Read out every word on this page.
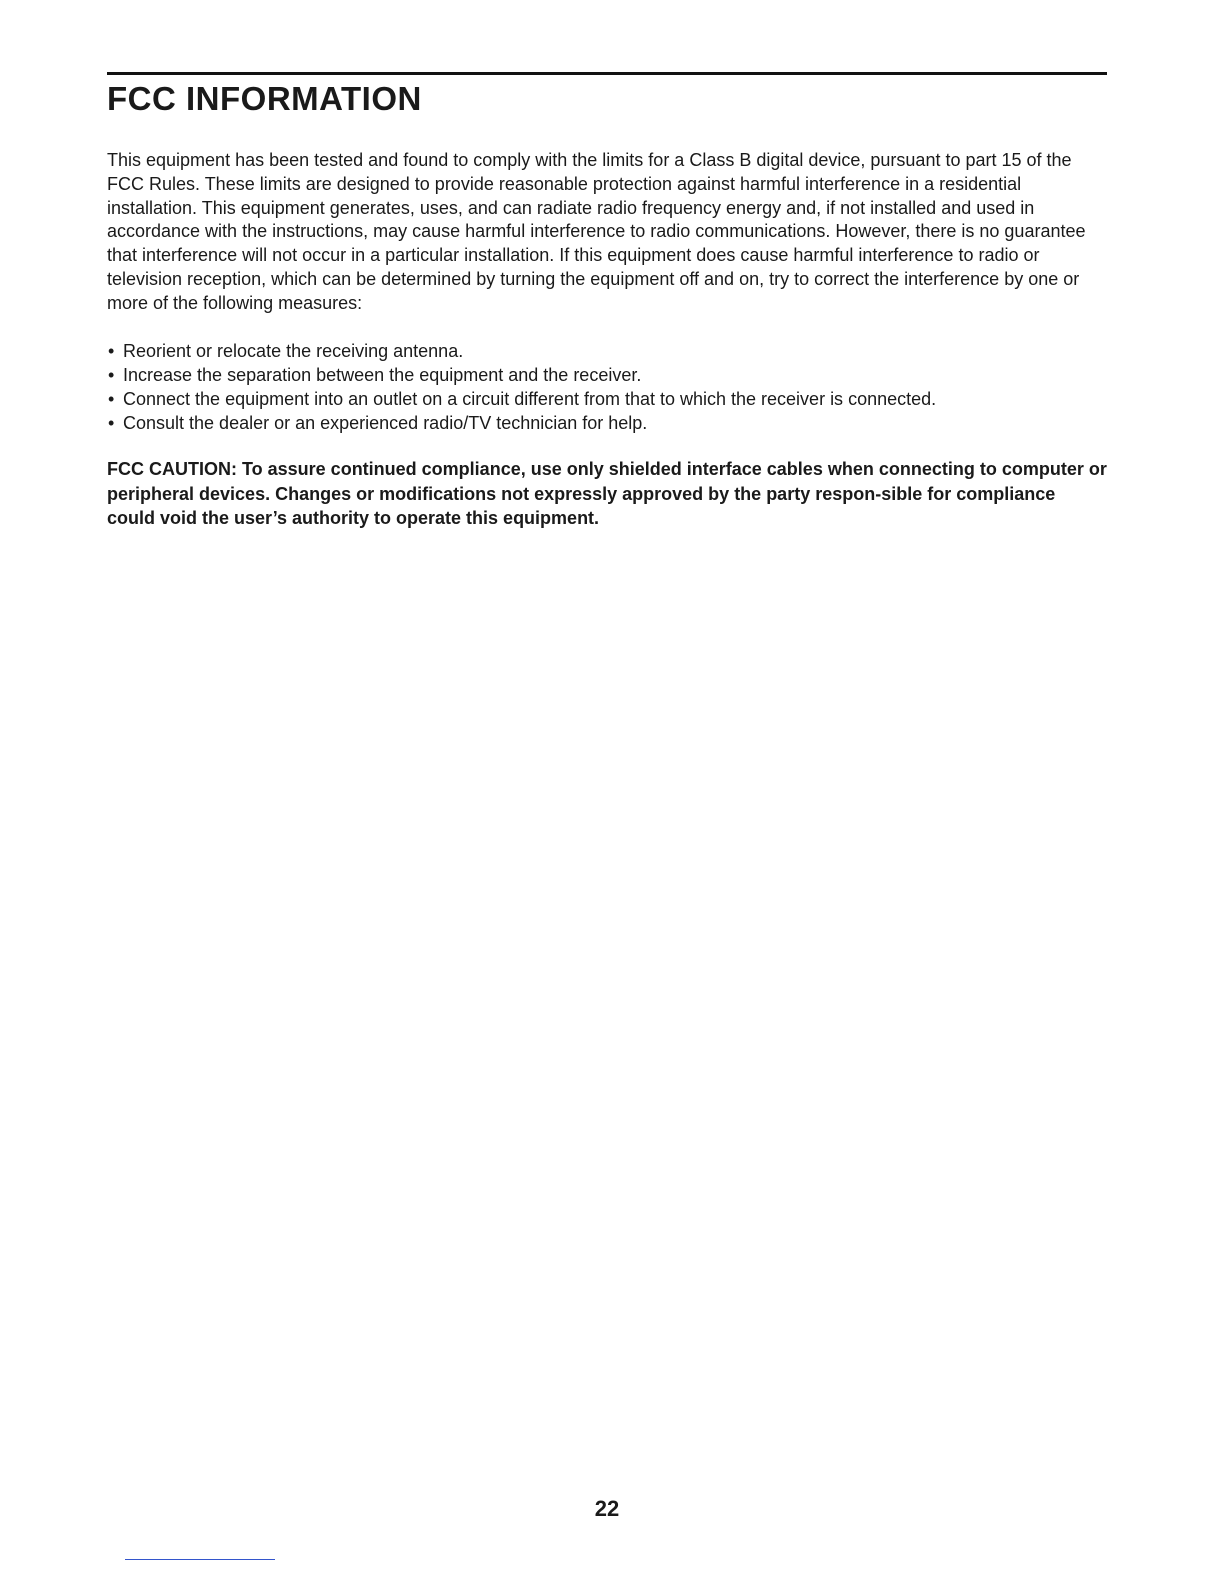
FCC INFORMATION

This equipment has been tested and found to comply with the limits for a Class B digital device, pursuant to part 15 of the FCC Rules. These limits are designed to provide reasonable protection against harmful interference in a residential installation. This equipment generates, uses, and can radiate radio frequency energy and, if not installed and used in accordance with the instructions, may cause harmful interference to radio communications. However, there is no guarantee that interference will not occur in a particular installation. If this equipment does cause harmful interference to radio or television reception, which can be determined by turning the equipment off and on, try to correct the interference by one or more of the following measures:

• Reorient or relocate the receiving antenna.
• Increase the separation between the equipment and the receiver.
• Connect the equipment into an outlet on a circuit different from that to which the receiver is connected.
• Consult the dealer or an experienced radio/TV technician for help.

FCC CAUTION: To assure continued compliance, use only shielded interface cables when connecting to computer or peripheral devices. Changes or modifications not expressly approved by the party respon-sible for compliance could void the user’s authority to operate this equipment.

22
